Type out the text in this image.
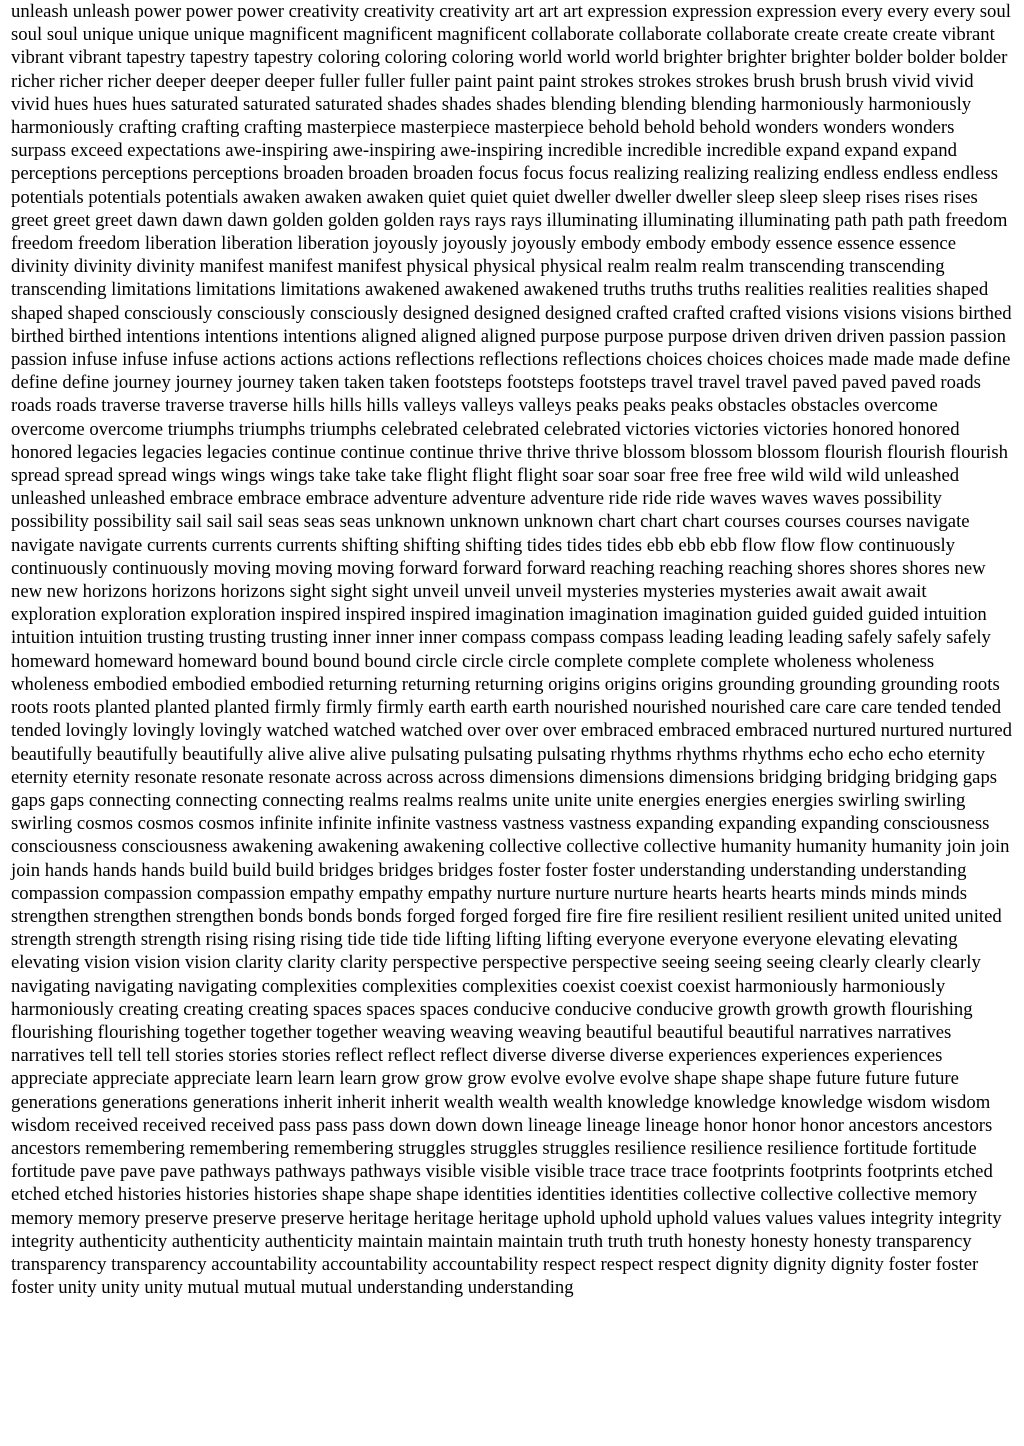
unleash unleash power power power creativity creativity creativity art art art expression expression expression every every every soul soul soul unique unique unique magnificent magnificent magnificent collaborate collaborate collaborate create create create vibrant vibrant vibrant tapestry tapestry tapestry coloring coloring coloring world world world brighter brighter brighter bolder bolder bolder richer richer richer deeper deeper deeper fuller fuller fuller paint paint paint strokes strokes strokes brush brush brush vivid vivid vivid hues hues hues saturated saturated saturated shades shades shades blending blending blending harmoniously harmoniously harmoniously crafting crafting crafting masterpiece masterpiece masterpiece behold behold behold wonders wonders wonders surpass exceed expectations awe-inspiring awe-inspiring awe-inspiring incredible incredible incredible expand expand expand perceptions perceptions perceptions broaden broaden broaden focus focus focus realizing realizing realizing endless endless endless potentials potentials potentials awaken awaken awaken quiet quiet quiet dweller dweller dweller sleep sleep sleep rises rises rises greet greet greet dawn dawn dawn golden golden golden rays rays rays illuminating illuminating illuminating path path path freedom freedom freedom liberation liberation liberation joyously joyously joyously embody embody embody essence essence essence divinity divinity divinity manifest manifest manifest physical physical physical realm realm realm transcending transcending transcending limitations limitations limitations awakened awakened awakened truths truths truths realities realities realities shaped shaped shaped consciously consciously consciously designed designed designed crafted crafted crafted visions visions visions birthed birthed birthed intentions intentions intentions aligned aligned aligned purpose purpose purpose driven driven driven passion passion passion infuse infuse infuse actions actions actions reflections reflections reflections choices choices choices made made made define define define journey journey journey taken taken taken footsteps footsteps footsteps travel travel travel paved paved paved roads roads roads traverse traverse traverse hills hills hills valleys valleys valleys peaks peaks peaks obstacles obstacles overcome overcome overcome triumphs triumphs triumphs celebrated celebrated celebrated victories victories victories honored honored honored legacies legacies legacies continue continue continue thrive thrive thrive blossom blossom blossom flourish flourish flourish spread spread spread wings wings wings take take take flight flight flight soar soar soar free free free wild wild wild unleashed unleashed unleashed embrace embrace embrace adventure adventure adventure ride ride ride waves waves waves possibility possibility possibility sail sail sail seas seas seas unknown unknown unknown chart chart chart courses courses courses navigate navigate navigate currents currents currents shifting shifting shifting tides tides tides ebb ebb ebb flow flow flow continuously continuously continuously moving moving moving forward forward forward reaching reaching reaching shores shores shores new new new horizons horizons horizons sight sight sight unveil unveil unveil mysteries mysteries mysteries await await await exploration exploration exploration inspired inspired inspired imagination imagination imagination guided guided guided intuition intuition intuition trusting trusting trusting inner inner inner compass compass compass leading leading leading safely safely safely homeward homeward homeward bound bound bound circle circle circle complete complete complete wholeness wholeness wholeness embodied embodied embodied returning returning returning origins origins origins grounding grounding grounding roots roots roots planted planted planted firmly firmly firmly earth earth earth nourished nourished nourished care care care tended tended tended lovingly lovingly lovingly watched watched watched over over over embraced embraced embraced nurtured nurtured nurtured beautifully beautifully beautifully alive alive alive pulsating pulsating pulsating rhythms rhythms rhythms echo echo echo eternity eternity eternity resonate resonate resonate across across across dimensions dimensions dimensions bridging bridging bridging gaps gaps gaps connecting connecting connecting realms realms realms unite unite unite energies energies energies swirling swirling swirling cosmos cosmos cosmos infinite infinite infinite vastness vastness vastness expanding expanding expanding consciousness consciousness consciousness awakening awakening awakening collective collective collective humanity humanity humanity join join join hands hands hands build build build bridges bridges bridges foster foster foster understanding understanding understanding compassion compassion compassion empathy empathy empathy nurture nurture nurture hearts hearts hearts minds minds minds strengthen strengthen strengthen bonds bonds bonds forged forged forged fire fire fire resilient resilient resilient united united united strength strength strength rising rising rising tide tide tide lifting lifting lifting everyone everyone everyone elevating elevating elevating vision vision vision clarity clarity clarity perspective perspective perspective seeing seeing seeing clearly clearly clearly navigating navigating navigating complexities complexities complexities coexist coexist coexist harmoniously harmoniously harmoniously creating creating creating spaces spaces spaces conducive conducive conducive growth growth growth flourishing flourishing flourishing together together together weaving weaving weaving beautiful beautiful beautiful narratives narratives narratives tell tell tell stories stories stories reflect reflect reflect diverse diverse diverse experiences experiences experiences appreciate appreciate appreciate learn learn learn grow grow grow evolve evolve evolve shape shape shape future future future generations generations generations inherit inherit inherit wealth wealth wealth knowledge knowledge knowledge wisdom wisdom wisdom received received received pass pass pass down down down lineage lineage lineage honor honor honor ancestors ancestors ancestors remembering remembering remembering struggles struggles struggles resilience resilience resilience fortitude fortitude fortitude pave pave pave pathways pathways pathways visible visible visible trace trace trace footprints footprints footprints etched etched etched histories histories histories shape shape shape identities identities identities collective collective collective memory memory memory preserve preserve preserve heritage heritage heritage uphold uphold uphold values values values integrity integrity integrity authenticity authenticity authenticity maintain maintain maintain truth truth truth honesty honesty honesty transparency transparency transparency accountability accountability accountability respect respect respect dignity dignity dignity foster foster foster unity unity unity mutual mutual mutual understanding understanding
